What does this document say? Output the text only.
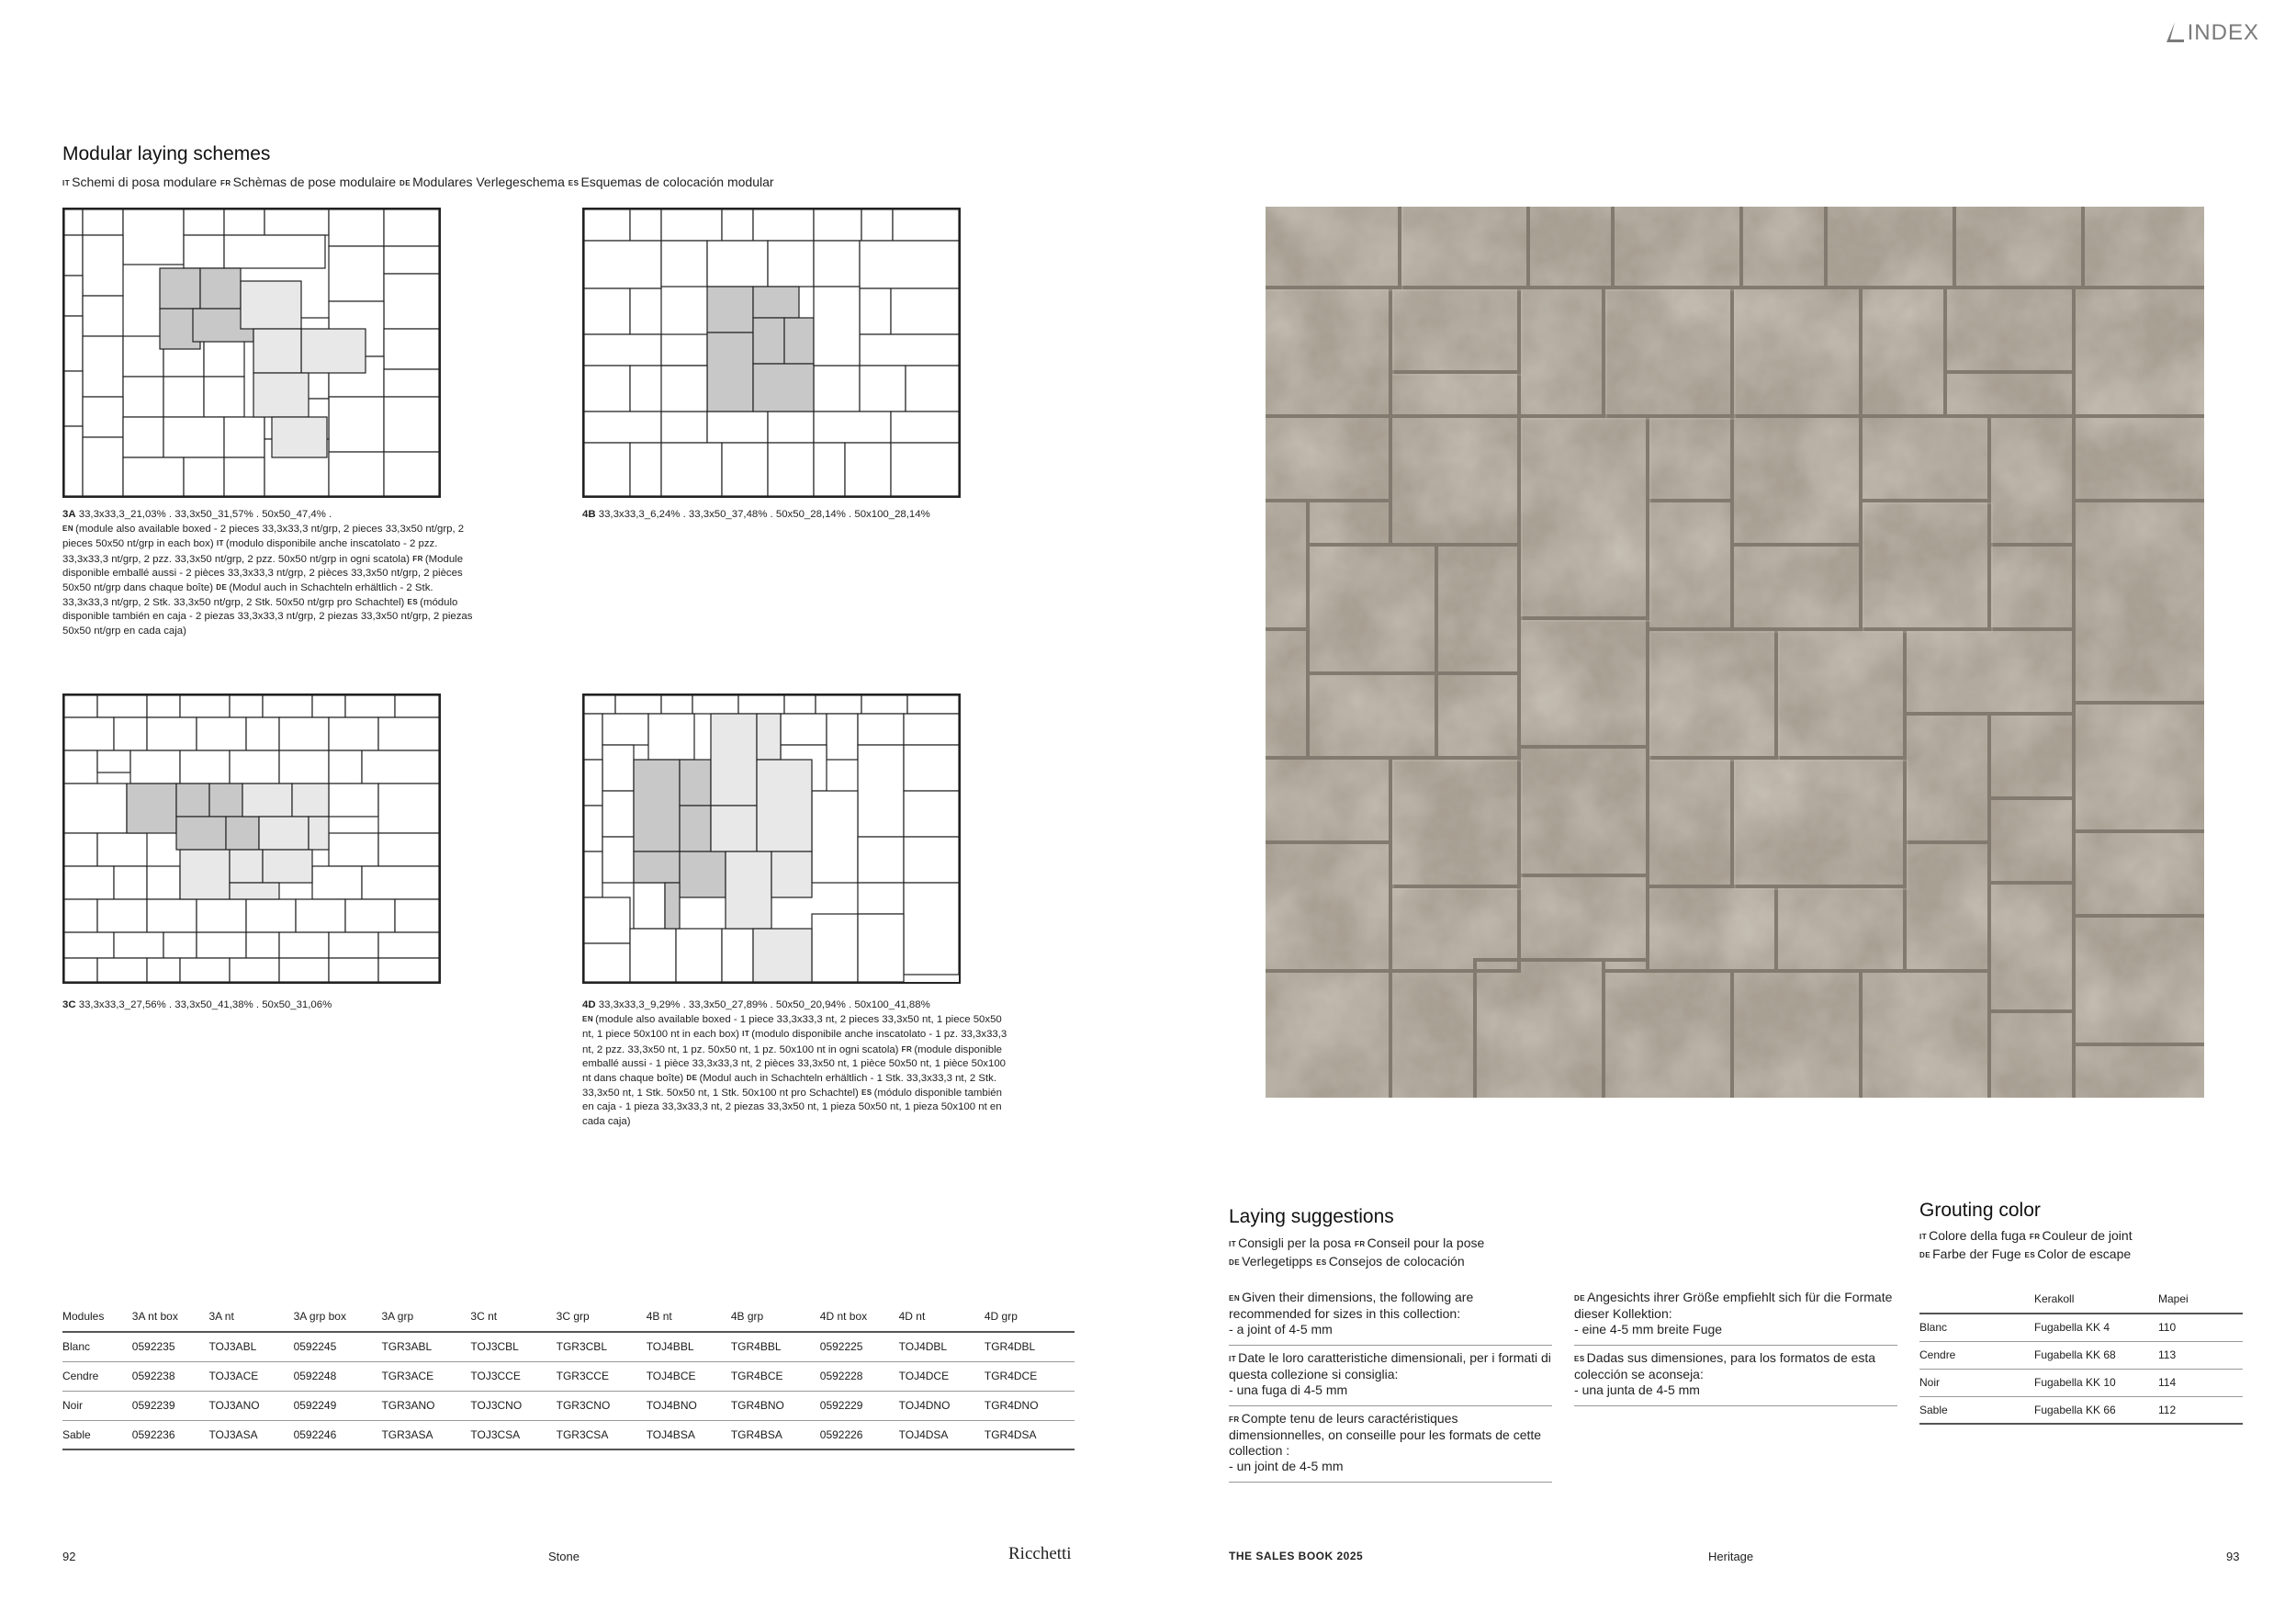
INDEX
Modular laying schemes
IT Schemi di posa modulare FR Schèmas de pose modulaire DE Modulares Verlegeschema ES Esquemas de colocación modular
3A 33,3x33,3_21,03% . 33,3x50_31,57% . 50x50_47,4% .
EN (module also available boxed - 2 pieces 33,3x33,3 nt/grp, 2 pieces 33,3x50 nt/grp, 2 pieces 50x50 nt/grp in each box) IT (modulo disponibile anche inscatolato - 2 pzz. 33,3x33,3 nt/grp, 2 pzz. 33,3x50 nt/grp, 2 pzz. 50x50 nt/grp in ogni scatola) FR (Module disponible emballé aussi - 2 pièces 33,3x33,3 nt/grp, 2 pièces 33,3x50 nt/grp, 2 pièces 50x50 nt/grp dans chaque boîte) DE (Modul auch in Schachteln erhältlich - 2 Stk. 33,3x33,3 nt/grp, 2 Stk. 33,3x50 nt/grp, 2 Stk. 50x50 nt/grp pro Schachtel) ES (módulo disponible también en caja - 2 piezas 33,3x33,3 nt/grp, 2 piezas 33,3x50 nt/grp, 2 piezas 50x50 nt/grp en cada caja)
4B 33,3x33,3_6,24% . 33,3x50_37,48% . 50x50_28,14% . 50x100_28,14%
3C 33,3x33,3_27,56% . 33,3x50_41,38% . 50x50_31,06%	4D 33,3x33,3_9,29% . 33,3x50_27,89% . 50x50_20,94% . 50x100_41,88%
EN (module also available boxed - 1 piece 33,3x33,3 nt, 2 pieces 33,3x50 nt, 1 piece 50x50 nt, 1 piece 50x100 nt in each box) IT (modulo disponibile anche inscatolato - 1 pz. 33,3x33,3 nt, 2 pzz. 33,3x50 nt, 1 pz. 50x50 nt, 1 pz. 50x100 nt in ogni scatola) FR (module disponible emballé aussi - 1 pièce 33,3x33,3 nt, 2 pièces 33,3x50 nt, 1 pièce 50x50 nt, 1 pièce 50x100 nt dans chaque boîte) DE (Modul auch in Schachteln erhältlich - 1 Stk. 33,3x33,3 nt, 2 Stk. 33,3x50 nt, 1 Stk. 50x50 nt, 1 Stk. 50x100 nt pro Schachtel) ES (módulo disponible también en caja - 1 pieza 33,3x33,3 nt, 2 piezas 33,3x50 nt, 1 pieza 50x50 nt, 1 pieza 50x100 nt en cada caja)
Modules	3A nt box	3A nt	3A grp box	3A grp	3C nt	3C grp	4B nt	4B grp	4D nt box	4D nt	4D grp
Blanc	0592235	TOJ3ABL	0592245	TGR3ABL	TOJ3CBL	TGR3CBL	TOJ4BBL	TGR4BBL	0592225	TOJ4DBL	TGR4DBL
Cendre	0592238	TOJ3ACE	0592248	TGR3ACE	TOJ3CCE	TGR3CCE	TOJ4BCE	TGR4BCE	0592228	TOJ4DCE	TGR4DCE
Noir	0592239	TOJ3ANO	0592249	TGR3ANO	TOJ3CNO	TGR3CNO	TOJ4BNO	TGR4BNO	0592229	TOJ4DNO	TGR4DNO
Sable	0592236	TOJ3ASA	0592246	TGR3ASA	TOJ3CSA	TGR3CSA	TOJ4BSA	TGR4BSA	0592226	TOJ4DSA	TGR4DSA
Laying suggestions
IT Consigli per la posa FR Conseil pour la pose
DE Verlegetipps ES Consejos de colocación
EN Given their dimensions, the following are recommended for sizes in this collection:
- a joint of 4-5 mm
IT Date le loro caratteristiche dimensionali, per i formati di questa collezione si consiglia:
- una fuga di 4-5 mm
FR Compte tenu de leurs caractéristiques dimensionnelles, on conseille pour les formats de cette collection :
- un joint de 4-5 mm
DE Angesichts ihrer Größe empfiehlt sich für die Formate dieser Kollektion:
- eine 4-5 mm breite Fuge
ES Dadas sus dimensiones, para los formatos de esta colección se aconseja:
- una junta de 4-5 mm
Grouting color
IT Colore della fuga FR Couleur de joint
DE Farbe der Fuge ES Color de escape
	Kerakoll	Mapei
Blanc	Fugabella KK 4	110
Cendre	Fugabella KK 68	113
Noir	Fugabella KK 10	114
Sable	Fugabella KK 66	112
92	Stone	Ricchetti	THE SALES BOOK 2025	Heritage	93
